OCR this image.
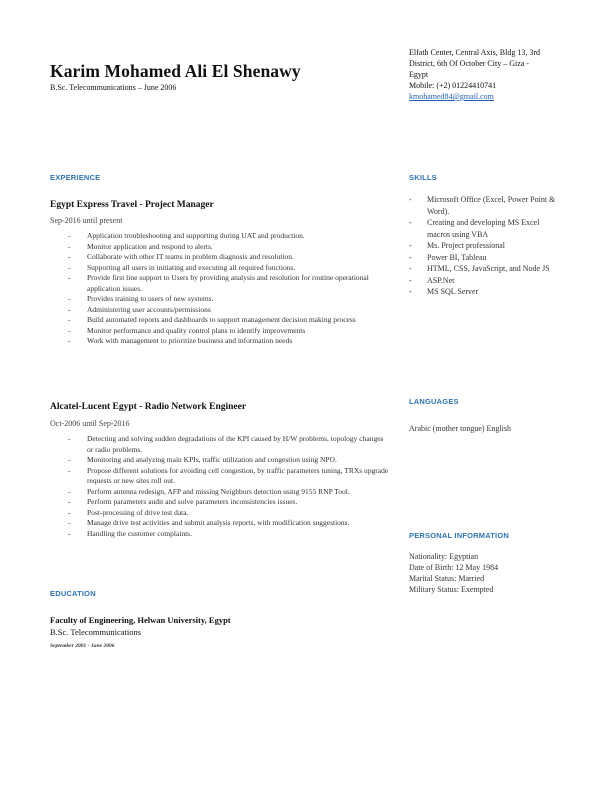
Karim Mohamed Ali El Shenawy
B.Sc. Telecommunications – June 2006
Elfath Center, Central Axis, Bldg 13, 3rd
District, 6th Of October City – Giza -
Egypt
Mobile: (+2) 01224410741
kmohamed84@gmail.com
EXPERIENCE
Egypt Express Travel - Project Manager
Sep-2016 until present
- Application troubleshooting and supporting during UAT and production.
- Monitor application and respond to alerts.
- Collaborate with other IT teams in problem diagnosis and resolution.
- Supporting all users in initiating and executing all required functions.
- Provide first line support to Users by providing analysis and resolution for routine operational application issues.
- Provides training to users of new systems.
- Administering user accounts/permissions
- Build automated reports and dashboards to support management decision making process
- Monitor performance and quality control plans to identify improvements
- Work with management to prioritize business and information needs
Alcatel-Lucent Egypt - Radio Network Engineer
Oct-2006 until Sep-2016
- Detecting and solving sudden degradations of the KPI caused by H/W problems, topology changes or radio problems.
- Monitoring and analyzing main KPIs, traffic utilization and congestion using NPO.
- Propose different solutions for avoiding cell congestion, by traffic parameters tuning, TRXs upgrade requests or new sites roll out.
- Perform antenna redesign, AFP and missing Neighbors detection using 9155 RNP Tool.
- Perform parameters audit and solve parameters inconsistencies issues.
- Post-processing of drive test data.
- Manage drive test activities and submit analysis reports, with modification suggestions.
- Handling the customer complaints.
EDUCATION
Faculty of Engineering, Helwan University, Egypt
B.Sc. Telecommunications
September 2001 - June 2006
SKILLS
- Microsoft Office (Excel, Power Point & Word).
- Creating and developing MS Excel macros using VBA
- Ms. Project professional
- Power BI, Tableau
- HTML, CSS, JavaScript, and Node JS
- ASP.Net
- MS SQL Server
LANGUAGES
Arabic (mother tongue) English
PERSONAL INFORMATION
Nationality: Egyptian
Date of Birth: 12 May 1984
Marital Status: Married
Military Status: Exempted
